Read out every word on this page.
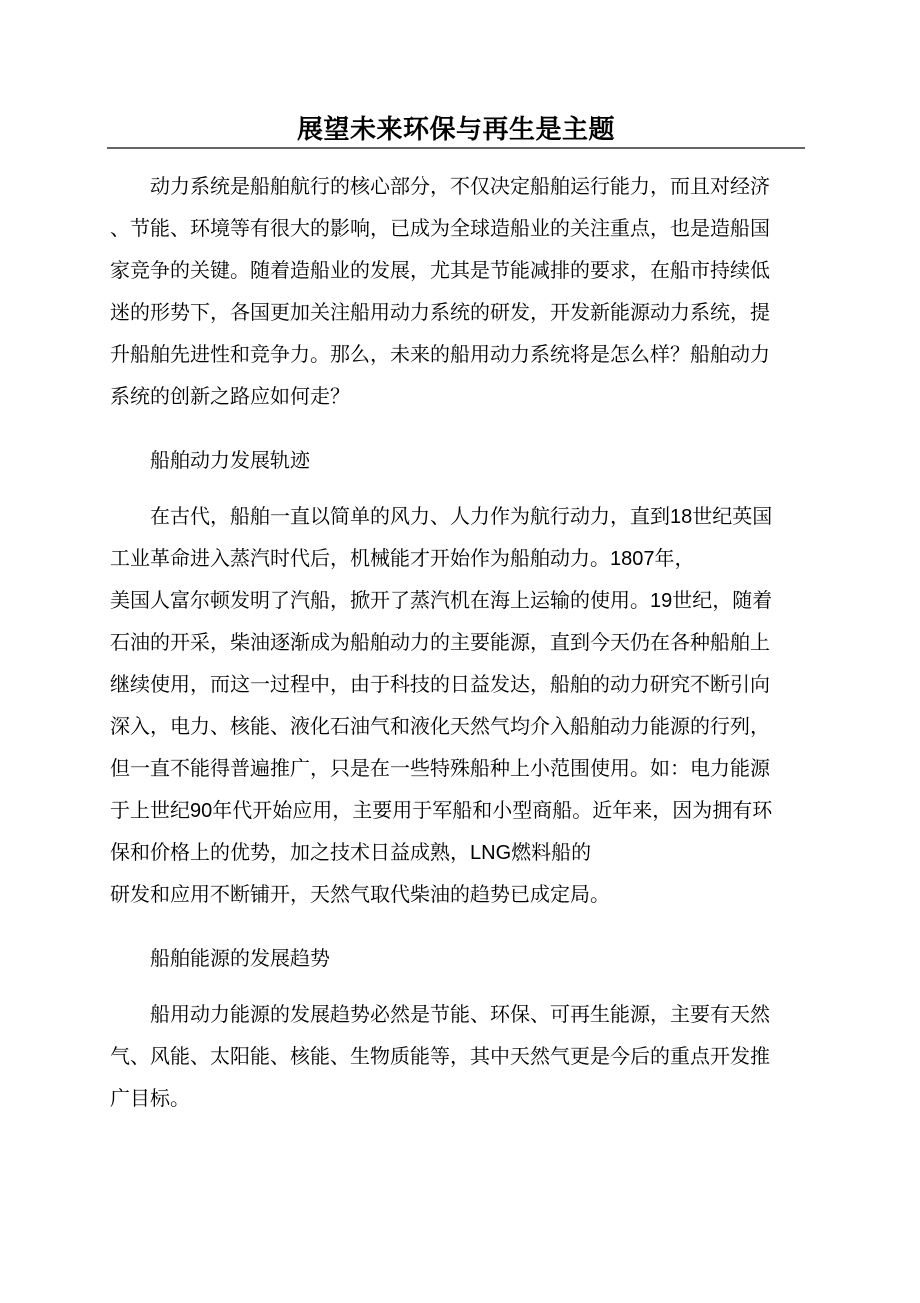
展望未来环保与再生是主题
动力系统是船舶航行的核心部分，不仅决定船舶运行能力，而且对经济
、节能、环境等有很大的影响，已成为全球造船业的关注重点，也是造船国
家竞争的关键。随着造船业的发展，尤其是节能减排的要求，在船市持续低
迷的形势下，各国更加关注船用动力系统的研发，开发新能源动力系统，提
升船舶先进性和竞争力。那么，未来的船用动力系统将是怎么样？船舶动力
系统的创新之路应如何走？
船舶动力发展轨迹
在古代，船舶一直以简单的风力、人力作为航行动力，直到18世纪英国
工业革命进入蒸汽时代后，机械能才开始作为船舶动力。1807年，
美国人富尔顿发明了汽船，掀开了蒸汽机在海上运输的使用。19世纪，随着
石油的开采，柴油逐渐成为船舶动力的主要能源，直到今天仍在各种船舶上
继续使用，而这一过程中，由于科技的日益发达，船舶的动力研究不断引向
深入，电力、核能、液化石油气和液化天然气均介入船舶动力能源的行列，
但一直不能得普遍推广，只是在一些特殊船种上小范围使用。如：电力能源
于上世纪90年代开始应用，主要用于军船和小型商船。近年来，因为拥有环
保和价格上的优势，加之技术日益成熟，LNG燃料船的
研发和应用不断铺开，天然气取代柴油的趋势已成定局。
船舶能源的发展趋势
船用动力能源的发展趋势必然是节能、环保、可再生能源，主要有天然
气、风能、太阳能、核能、生物质能等，其中天然气更是今后的重点开发推
广目标。
